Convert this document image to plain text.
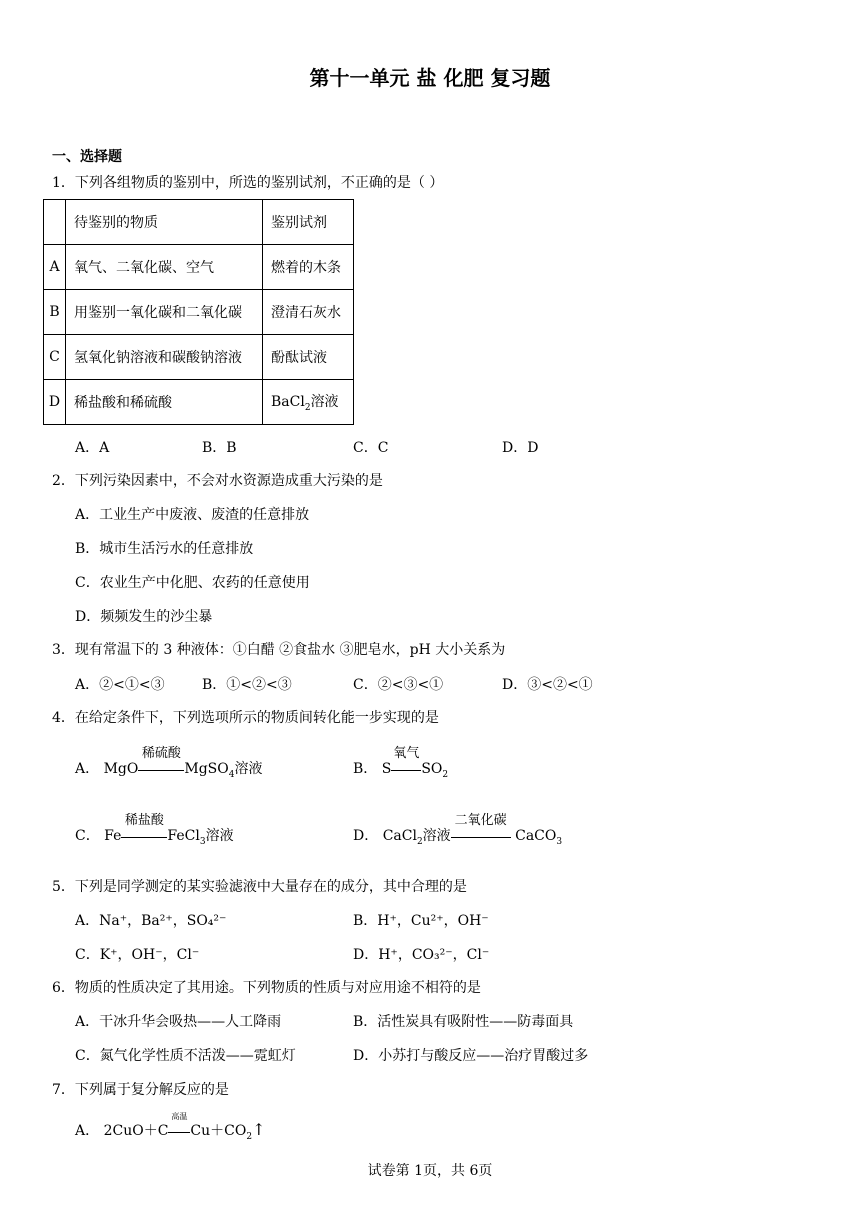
第十一单元 盐 化肥 复习题
一、选择题
1．下列各组物质的鉴别中，所选的鉴别试剂，不正确的是（ ）
	待鉴别的物质	鉴别试剂
A	氧气、二氧化碳、空气	燃着的木条
B	用鉴别一氧化碳和二氧化碳	澄清石灰水
C	氢氧化钠溶液和碳酸钠溶液	酚酞试液
D	稀盐酸和稀硫酸	BaCl$_2$溶液
A．A	B．B	C．C	D．D
2．下列污染因素中，不会对水资源造成重大污染的是
A．工业生产中废液、废渣的任意排放
B．城市生活污水的任意排放
C．农业生产中化肥、农药的任意使用
D．频频发生的沙尘暴
3．现有常温下的 3 种液体：①白醋 ②食盐水 ③肥皂水，pH 大小关系为
A．②<①<③	B．①<②<③	C．②<③<①	D．③<②<①
4．在给定条件下，下列选项所示的物质间转化能一步实现的是
A． MgO
稀硫酸
MgSO$_4$溶液	B． S
氧气
$SO_2$
C． Fe
稀盐酸
FeCl$_3$溶液	D． CaCl$_2$溶液
二氧化碳
CaCO$_3$
5．下列是同学测定的某实验滤液中大量存在的成分，其中合理的是
A．Na⁺，Ba²⁺，SO₄²⁻	B．H⁺，Cu²⁺，OH⁻
C．K⁺，OH⁻，Cl⁻	D．H⁺，CO₃²⁻，Cl⁻
6．物质的性质决定了其用途。下列物质的性质与对应用途不相符的是
A．干冰升华会吸热——人工降雨	B．活性炭具有吸附性——防毒面具
C．氮气化学性质不活泼——霓虹灯	D．小苏打与酸反应——治疗胃酸过多
7．下列属于复分解反应的是
A． 2CuO＋C
高温
$Cu+CO_2↑$
试卷第 1页，共 6页
